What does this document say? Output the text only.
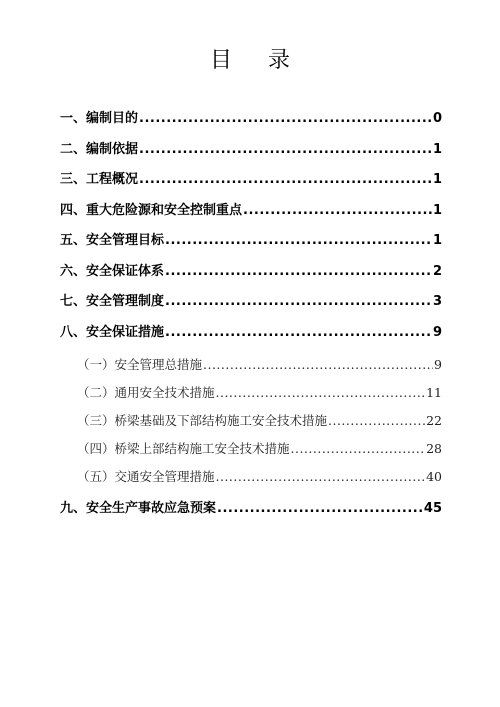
目 录
一、编制目的 .....	0
二、编制依据 .....	1
三、工程概况 .....	1
四、重大危险源和安全控制重点 .....	1
五、安全管理目标 .....	1
六、安全保证体系 .....	2
七、安全管理制度 .....	3
八、安全保证措施 .....	9
（一）安全管理总措施 .....	9
（二）通用安全技术措施 .....	11
（三）桥梁基础及下部结构施工安全技术措施 .....	22
（四）桥梁上部结构施工安全技术措施 .....	28
（五）交通安全管理措施 .....	40
九、安全生产事故应急预案 .....	45
